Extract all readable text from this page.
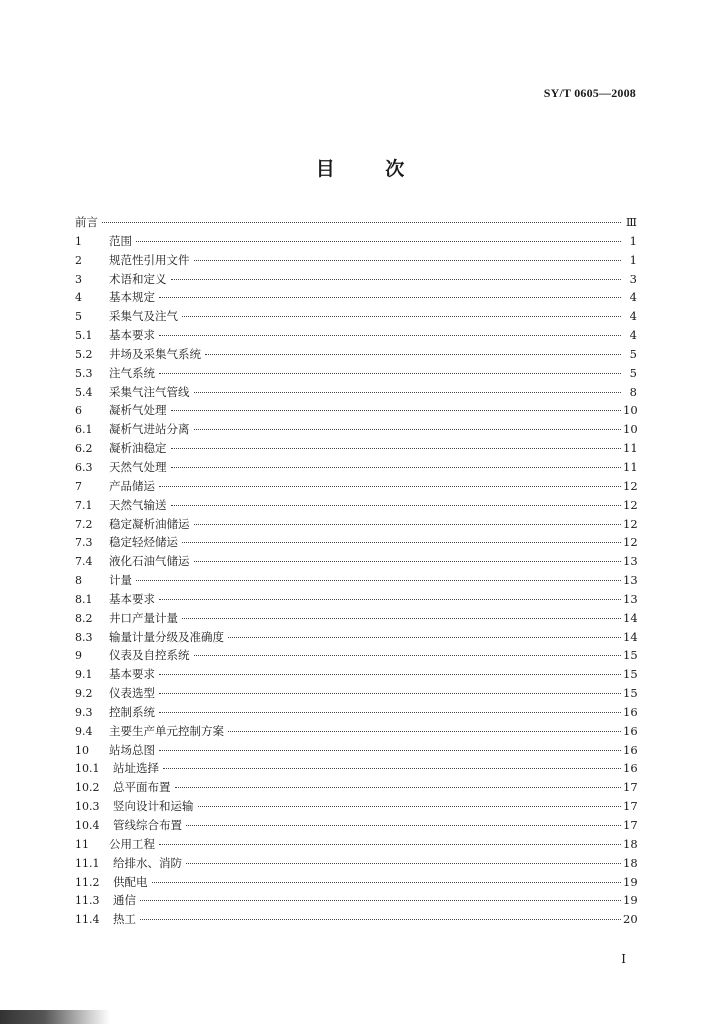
SY/T 0605—2008
目 次
前言	Ⅲ
1	范围	1
2	规范性引用文件	1
3	术语和定义	3
4	基本规定	4
5	采集气及注气	4
5.1	基本要求	4
5.2	井场及采集气系统	5
5.3	注气系统	5
5.4	采集气注气管线	8
6	凝析气处理	10
6.1	凝析气进站分离	10
6.2	凝析油稳定	11
6.3	天然气处理	11
7	产品储运	12
7.1	天然气输送	12
7.2	稳定凝析油储运	12
7.3	稳定轻烃储运	12
7.4	液化石油气储运	13
8	计量	13
8.1	基本要求	13
8.2	井口产量计量	14
8.3	输量计量分级及准确度	14
9	仪表及自控系统	15
9.1	基本要求	15
9.2	仪表选型	15
9.3	控制系统	16
9.4	主要生产单元控制方案	16
10	站场总图	16
10.1	站址选择	16
10.2	总平面布置	17
10.3	竖向设计和运输	17
10.4	管线综合布置	17
11	公用工程	18
11.1	给排水、消防	18
11.2	供配电	19
11.3	通信	19
11.4	热工	20
I
